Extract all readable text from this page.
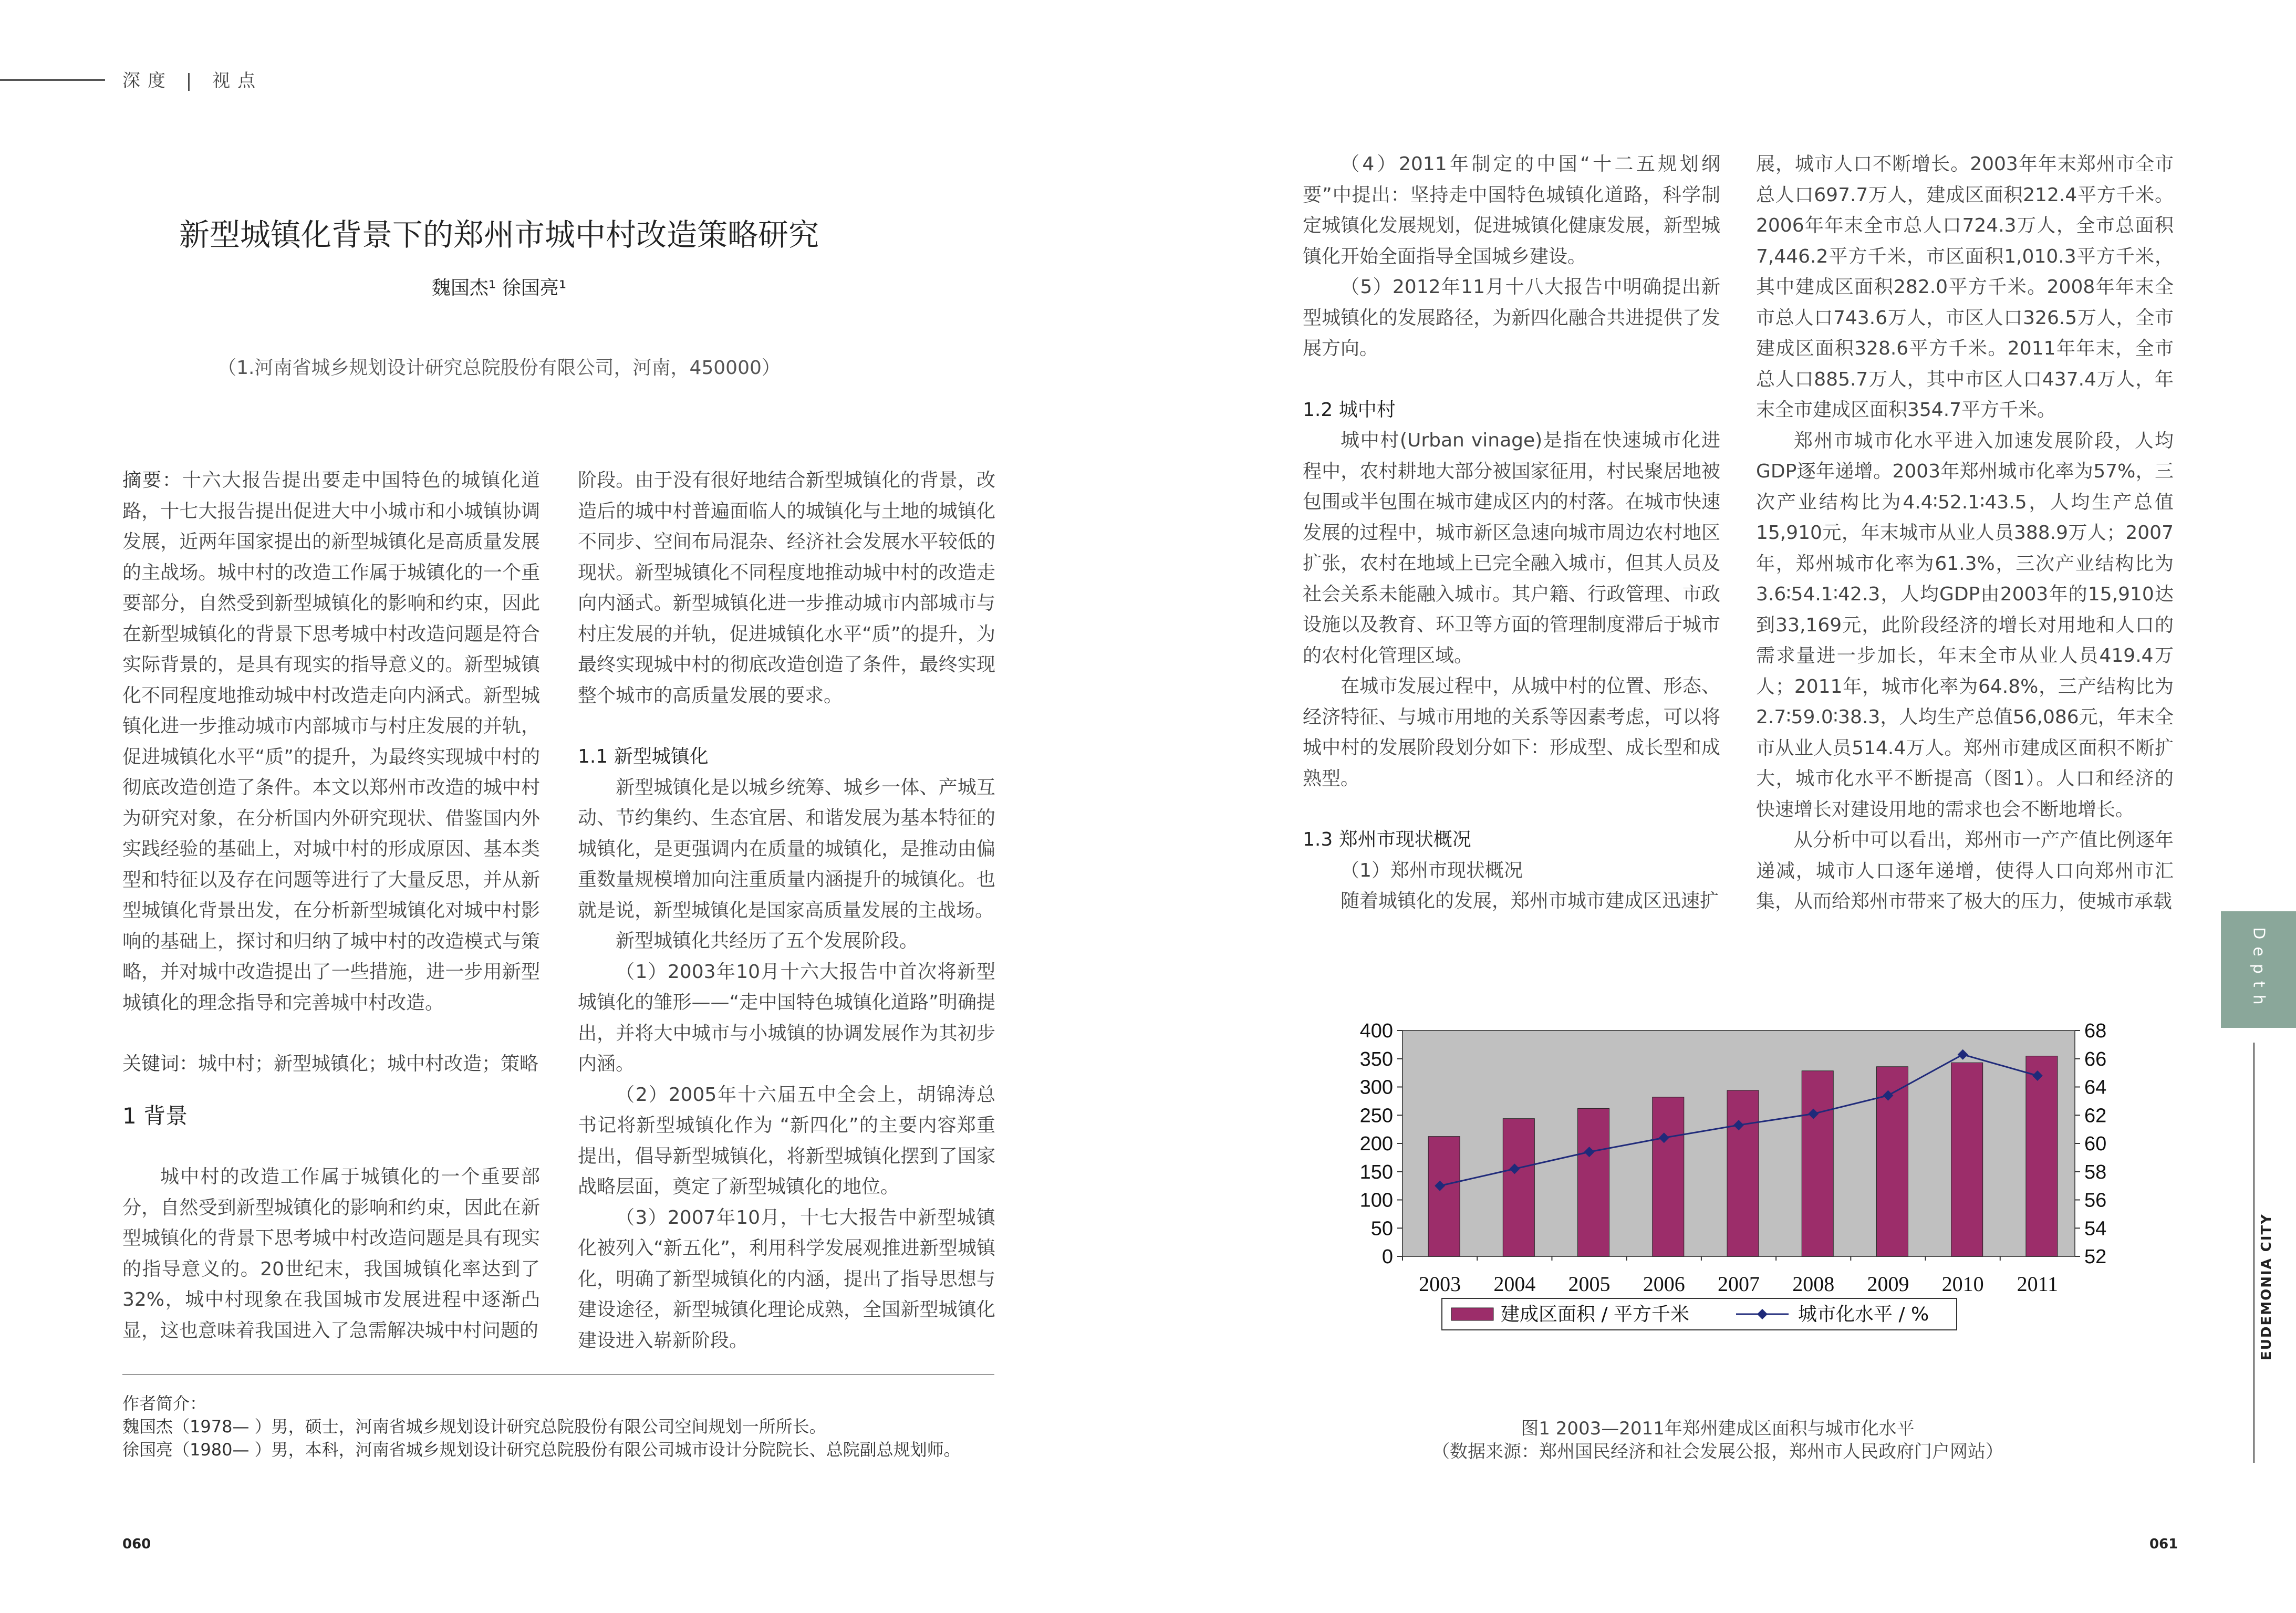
深度 | 视点
新型城镇化背景下的郑州市城中村改造策略研究
魏国杰¹ 徐国亮¹
（1.河南省城乡规划设计研究总院股份有限公司，河南，450000）

摘要：十六大报告提出要走中国特色的城镇化道路，十七大报告提出促进大中小城市和小城镇协调发展，近两年国家提出的新型城镇化是高质量发展的主战场。城中村的改造工作属于城镇化的一个重要部分，自然受到新型城镇化的影响和约束，因此在新型城镇化的背景下思考城中村改造问题是符合实际背景的，是具有现实的指导意义的。新型城镇化不同程度地推动城中村改造走向内涵式。新型城镇化进一步推动城市内部城市与村庄发展的并轨，促进城镇化水平“质”的提升，为最终实现城中村的彻底改造创造了条件。本文以郑州市改造的城中村为研究对象，在分析国内外研究现状、借鉴国内外实践经验的基础上，对城中村的形成原因、基本类型和特征以及存在问题等进行了大量反思，并从新型城镇化背景出发，在分析新型城镇化对城中村影响的基础上，探讨和归纳了城中村的改造模式与策略，并对城中改造提出了一些措施，进一步用新型城镇化的理念指导和完善城中村改造。

关键词：城中村；新型城镇化；城中村改造；策略

1 背景

城中村的改造工作属于城镇化的一个重要部分，自然受到新型城镇化的影响和约束，因此在新型城镇化的背景下思考城中村改造问题是具有现实的指导意义的。20世纪末，我国城镇化率达到了32%，城中村现象在我国城市发展进程中逐渐凸显，这也意味着我国进入了急需解决城中村问题的

阶段。由于没有很好地结合新型城镇化的背景，改造后的城中村普遍面临人的城镇化与土地的城镇化不同步、空间布局混杂、经济社会发展水平较低的现状。新型城镇化不同程度地推动城中村的改造走向内涵式。新型城镇化进一步推动城市内部城市与村庄发展的并轨，促进城镇化水平“质”的提升，为最终实现城中村的彻底改造创造了条件，最终实现整个城市的高质量发展的要求。

1.1 新型城镇化

新型城镇化是以城乡统筹、城乡一体、产城互动、节约集约、生态宜居、和谐发展为基本特征的城镇化，是更强调内在质量的城镇化，是推动由偏重数量规模增加向注重质量内涵提升的城镇化。也就是说，新型城镇化是国家高质量发展的主战场。

新型城镇化共经历了五个发展阶段。

（1）2003年10月十六大报告中首次将新型城镇化的雏形——“走中国特色城镇化道路”明确提出，并将大中城市与小城镇的协调发展作为其初步内涵。

（2）2005年十六届五中全会上，胡锦涛总书记将新型城镇化作为 “新四化”的主要内容郑重提出，倡导新型城镇化，将新型城镇化摆到了国家战略层面，奠定了新型城镇化的地位。

（3）2007年10月，十七大报告中新型城镇化被列入“新五化”，利用科学发展观推进新型城镇化，明确了新型城镇化的内涵，提出了指导思想与建设途径，新型城镇化理论成熟，全国新型城镇化建设进入崭新阶段。

（4）2011年制定的中国“十二五规划纲要”中提出：坚持走中国特色城镇化道路，科学制定城镇化发展规划，促进城镇化健康发展，新型城镇化开始全面指导全国城乡建设。

（5）2012年11月十八大报告中明确提出新型城镇化的发展路径，为新四化融合共进提供了发展方向。

1.2 城中村

城中村(Urban vinage)是指在快速城市化进程中，农村耕地大部分被国家征用，村民聚居地被包围或半包围在城市建成区内的村落。在城市快速发展的过程中，城市新区急速向城市周边农村地区扩张，农村在地域上已完全融入城市，但其人员及社会关系未能融入城市。其户籍、行政管理、市政设施以及教育、环卫等方面的管理制度滞后于城市的农村化管理区域。

在城市发展过程中，从城中村的位置、形态、经济特征、与城市用地的关系等因素考虑，可以将城中村的发展阶段划分如下：形成型、成长型和成熟型。

1.3 郑州市现状概况

（1）郑州市现状概况

随着城镇化的发展，郑州市城市建成区迅速扩

展，城市人口不断增长。2003年年末郑州市全市总人口697.7万人，建成区面积212.4平方千米。2006年年末全市总人口724.3万人，全市总面积7,446.2平方千米，市区面积1,010.3平方千米，其中建成区面积282.0平方千米。2008年年末全市总人口743.6万人，市区人口326.5万人，全市建成区面积328.6平方千米。2011年年末，全市总人口885.7万人，其中市区人口437.4万人，年末全市建成区面积354.7平方千米。

郑州市城市化水平进入加速发展阶段，人均GDP逐年递增。2003年郑州城市化率为57%，三次产业结构比为4.4∶52.1∶43.5，人均生产总值15,910元，年末城市从业人员388.9万人；2007年，郑州城市化率为61.3%，三次产业结构比为3.6∶54.1∶42.3，人均GDP由2003年的15,910达到33,169元，此阶段经济的增长对用地和人口的需求量进一步加长，年末全市从业人员419.4万人；2011年，城市化率为64.8%，三产结构比为2.7∶59.0∶38.3，人均生产总值56,086元，年末全市从业人员514.4万人。郑州市建成区面积不断扩大，城市化水平不断提高（图1）。人口和经济的快速增长对建设用地的需求也会不断地增长。

从分析中可以看出，郑州市一产产值比例逐年递减，城市人口逐年递增，使得人口向郑州市汇集，从而给郑州市带来了极大的压力，使城市承载

作者简介：

魏国杰（1978— ）男，硕士，河南省城乡规划设计研究总院股份有限公司空间规划一所所长。

徐国亮（1980— ）男，本科，河南省城乡规划设计研究总院股份有限公司城市设计分院院长、总院副总规划师。

0
50
100
150
200
250
300
350
400
52
54
56
58
60
62
64
66
68
2003 2004 2005 2006 2007 2008 2009 2010 2011
建成区面积 / 平方千米	城市化水平 / %
图1 2003—2011年郑州建成区面积与城市化水平
（数据来源：郑州国民经济和社会发展公报，郑州市人民政府门户网站）
060	061
Depth
EUDEMONIA CITY
